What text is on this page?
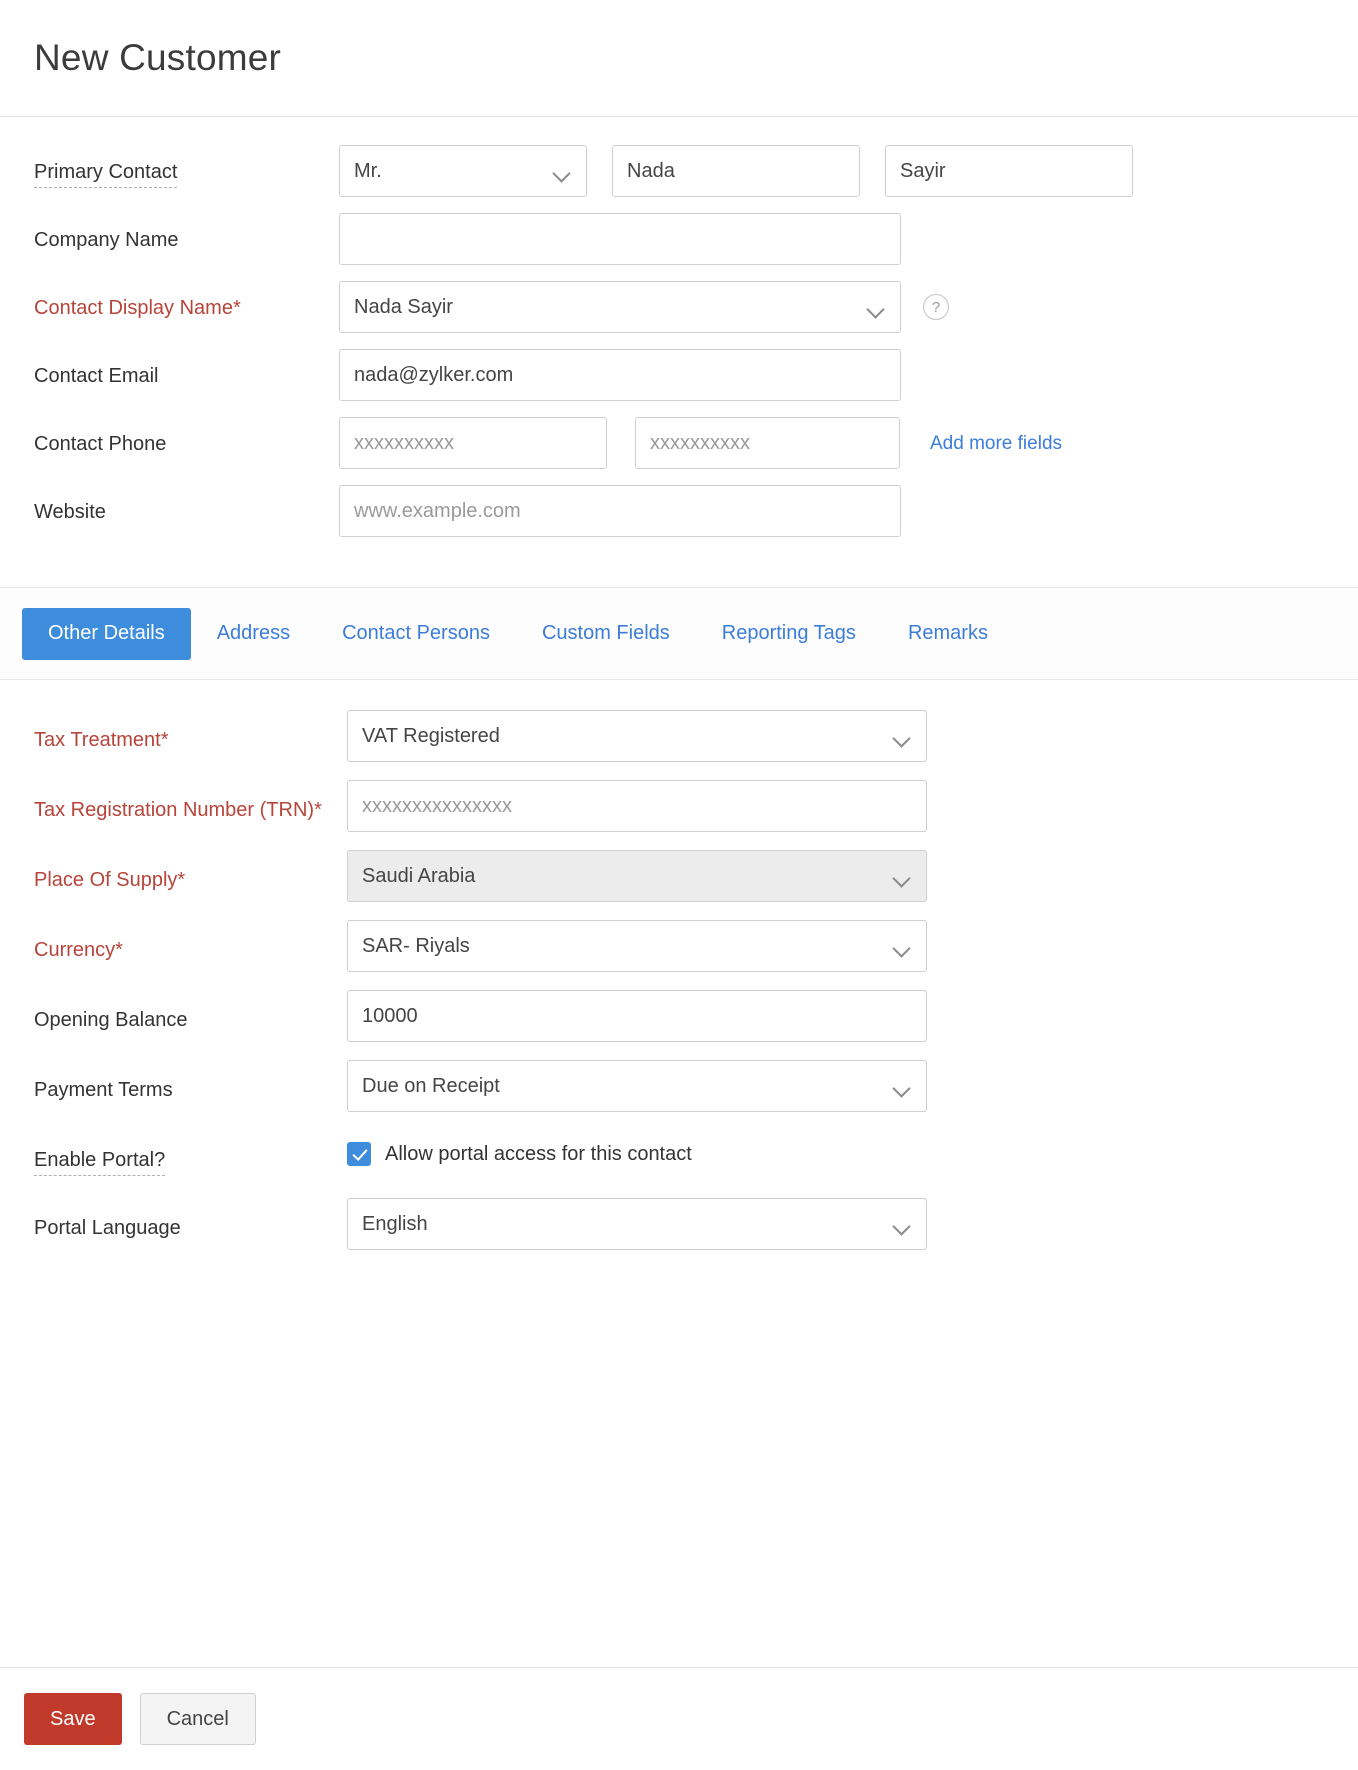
New Customer
Primary Contact	Mr.	Nada	Sayir
Company Name
Contact Display Name*	Nada Sayir	?
Contact Email	nada@zylker.com
Contact Phone	xxxxxxxxxx	xxxxxxxxxx	Add more fields
Website	www.example.com
Other Details	Address	Contact Persons	Custom Fields	Reporting Tags	Remarks
Tax Treatment*	VAT Registered
Tax Registration Number (TRN)*	xxxxxxxxxxxxxxx
Place Of Supply*	Saudi Arabia
Currency*	SAR- Riyals
Opening Balance	10000
Payment Terms	Due on Receipt
Enable Portal?	Allow portal access for this contact
Portal Language	English
Save	Cancel
